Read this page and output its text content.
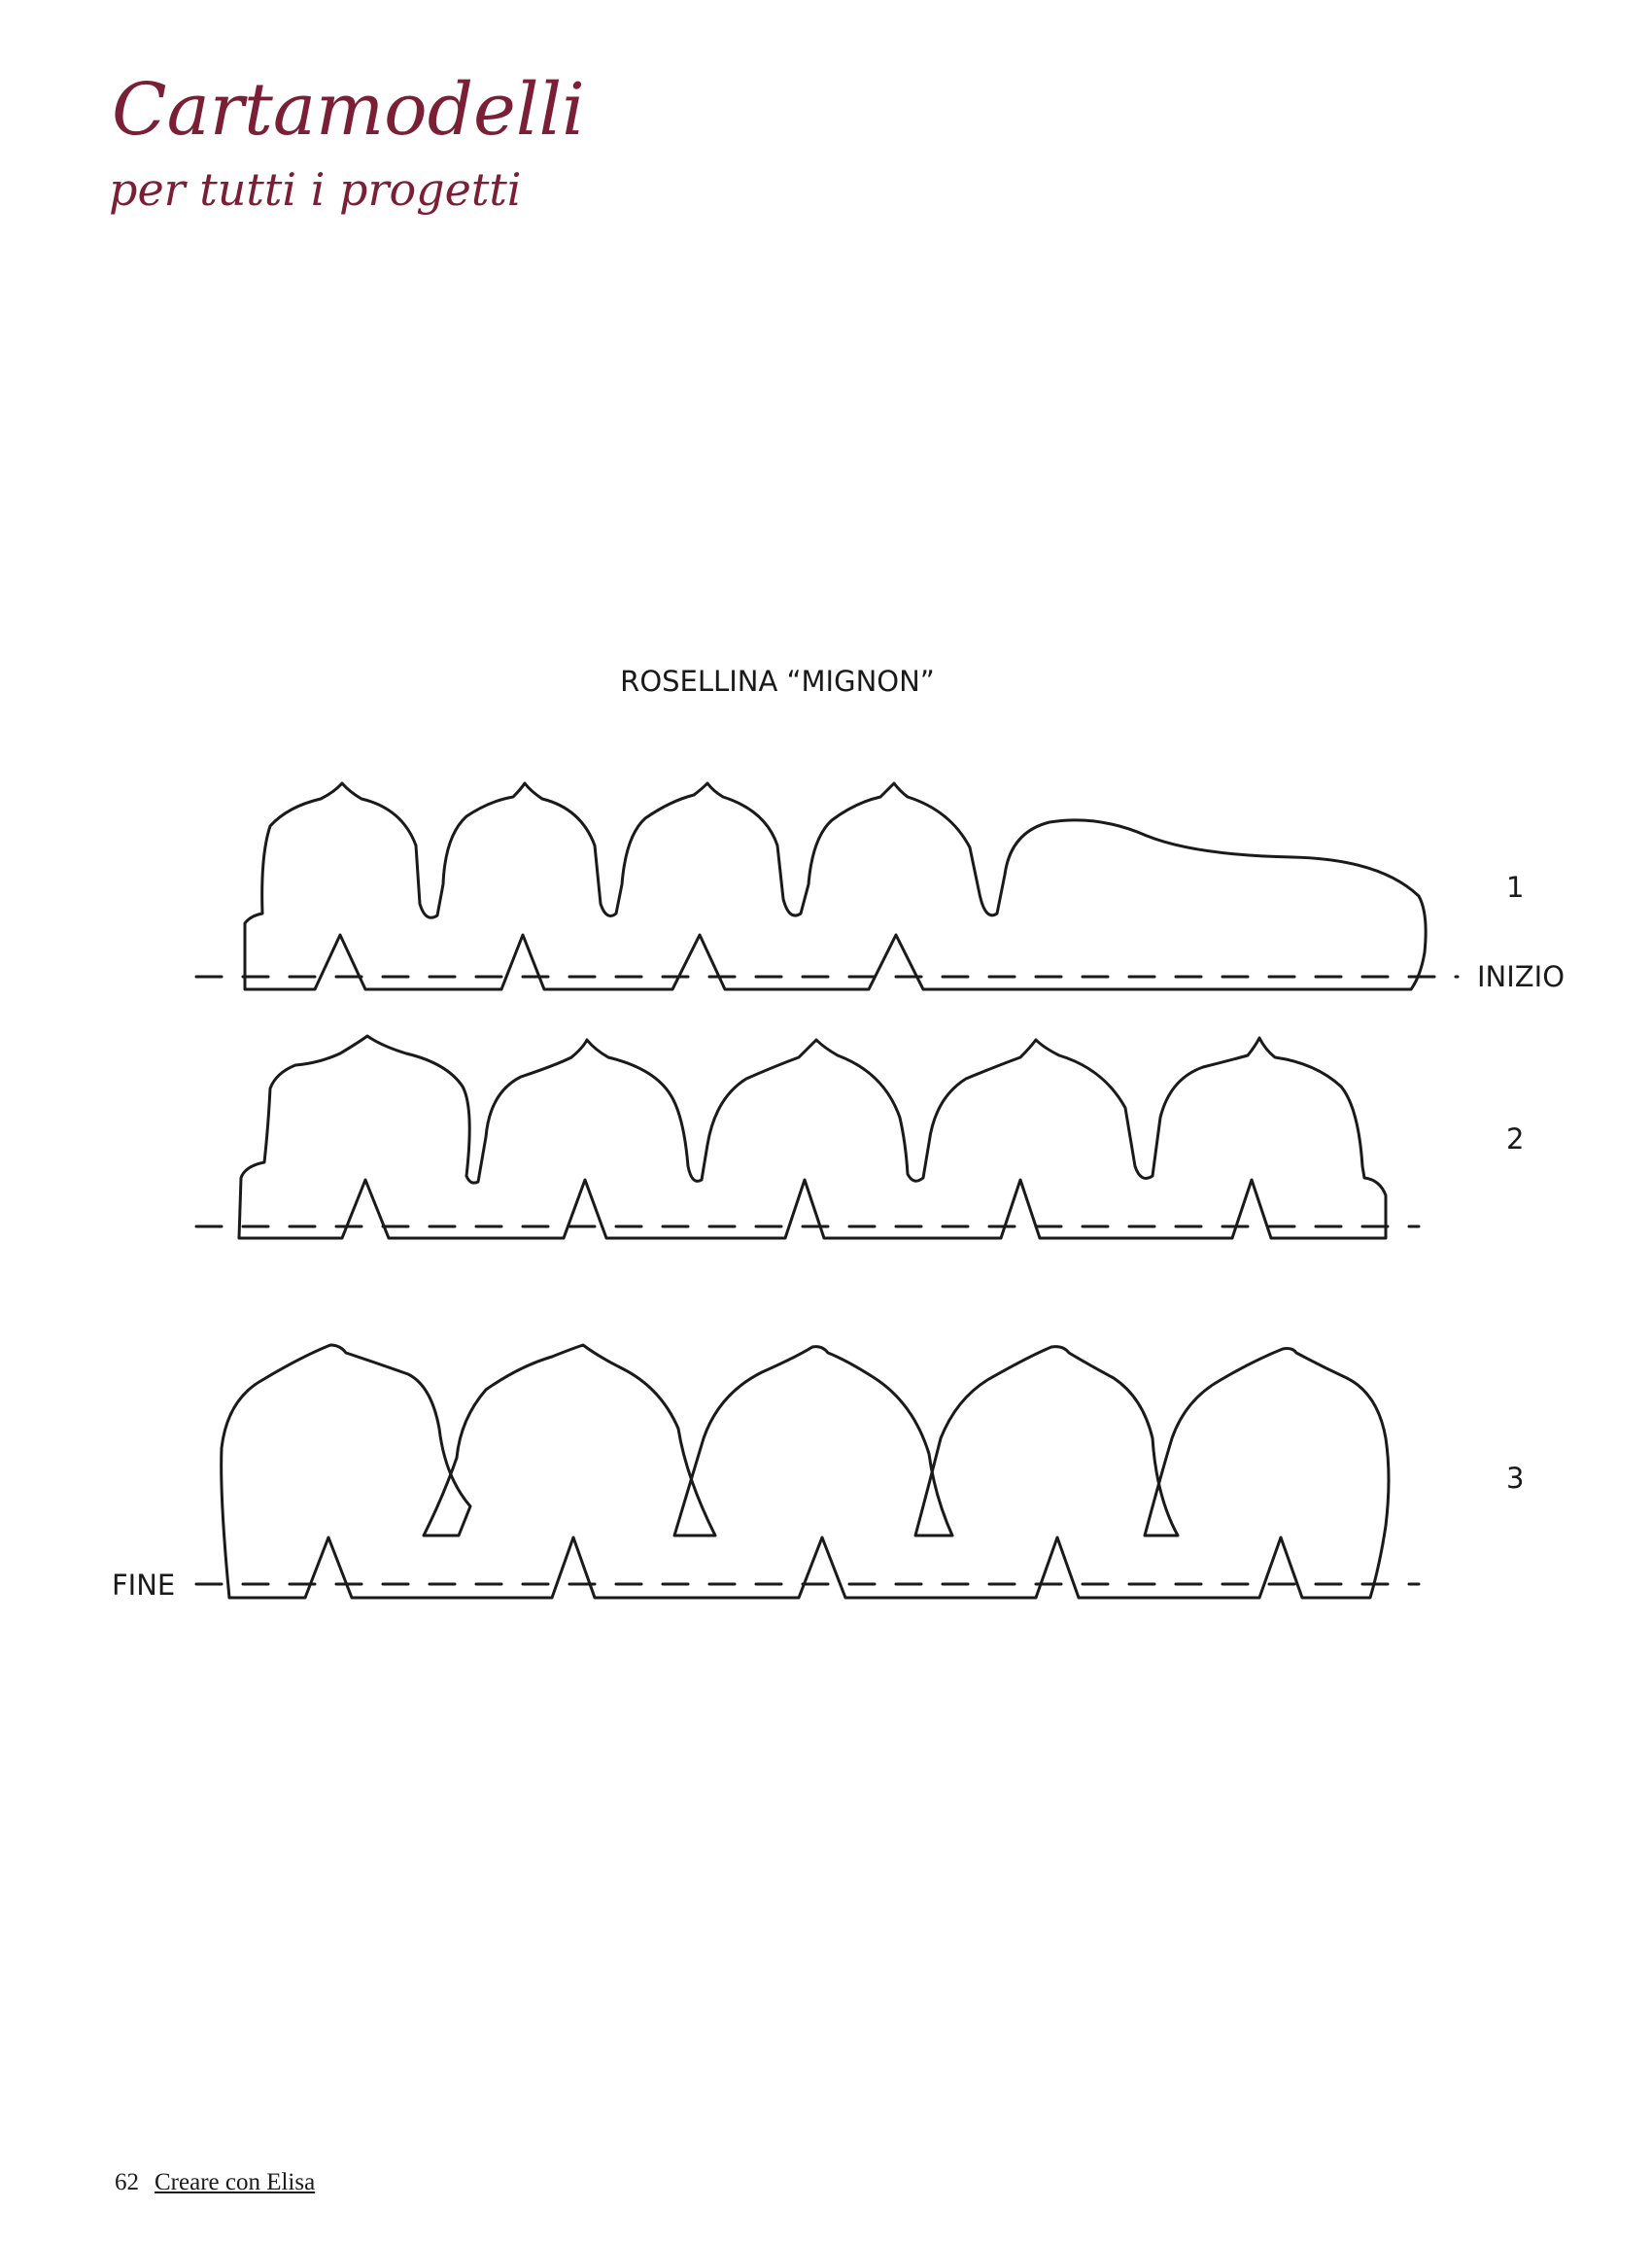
Cartamodelli
per tutti i progetti
ROSELLINA “MIGNON”
1
2
3
INIZIO
FINE
62 Creare con Elisa
